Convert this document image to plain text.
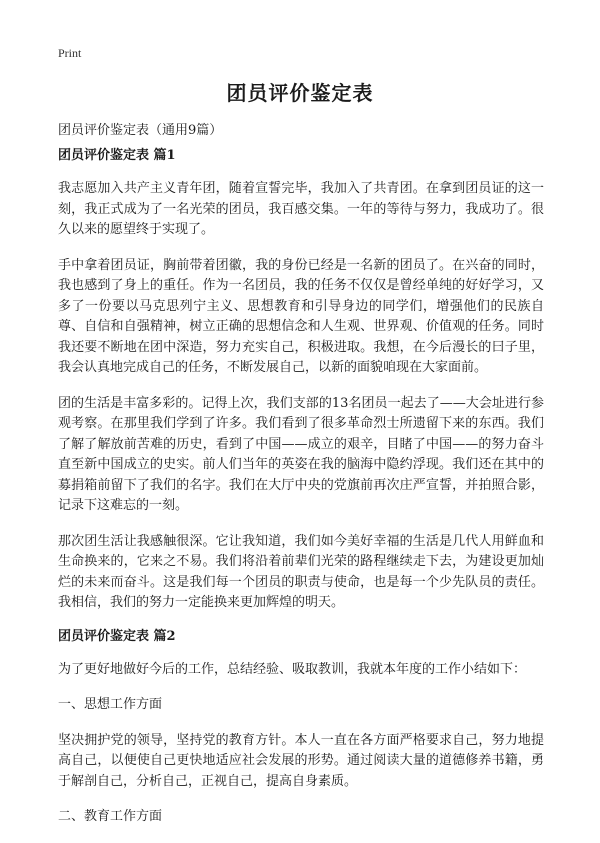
Print
团员评价鉴定表
团员评价鉴定表（通用9篇）
团员评价鉴定表 篇1

我志愿加入共产主义青年团，随着宣誓完毕，我加入了共青团。在拿到团员证的这一刻，我正式成为了一名光荣的团员，我百感交集。一年的等待与努力，我成功了。很久以来的愿望终于实现了。

手中拿着团员证，胸前带着团徽，我的身份已经是一名新的团员了。在兴奋的同时，我也感到了身上的重任。作为一名团员，我的任务不仅仅是曾经单纯的好好学习，又多了一份要以马克思列宁主义、思想教育和引导身边的同学们，增强他们的民族自尊、自信和自强精神，树立正确的思想信念和人生观、世界观、价值观的任务。同时我还要不断地在团中深造，努力充实自己，积极进取。我想，在今后漫长的曰子里，我会认真地完成自己的任务，不断发展自己，以新的面貌咱现在大家面前。

团的生活是丰富多彩的。记得上次，我们支部的13名团员一起去了——大会址进行参观考察。在那里我们学到了许多。我们看到了很多革命烈士所遗留下来的东西。我们了解了解放前苦难的历史，看到了中国——成立的艰辛，目睹了中国——的努力奋斗直至新中国成立的史实。前人们当年的英姿在我的脑海中隐约浮现。我们还在其中的募捐箱前留下了我们的名字。我们在大厅中央的党旗前再次庄严宣誓，并拍照合影，记录下这难忘的一刻。

那次团生活让我感触很深。它让我知道，我们如今美好幸福的生活是几代人用鲜血和生命换来的，它来之不易。我们将沿着前辈们光荣的路程继续走下去，为建设更加灿烂的未来而奋斗。这是我们每一个团员的职责与使命，也是每一个少先队员的责任。我相信，我们的努力一定能换来更加辉煌的明天。

团员评价鉴定表 篇2

为了更好地做好今后的工作，总结经验、吸取教训，我就本年度的工作小结如下：

一、思想工作方面

坚决拥护党的领导，坚持党的教育方针。本人一直在各方面严格要求自己，努力地提高自己，以便使自己更快地适应社会发展的形势。通过阅读大量的道德修养书籍，勇于解剖自己，分析自己，正视自己，提高自身素质。

二、教育工作方面
